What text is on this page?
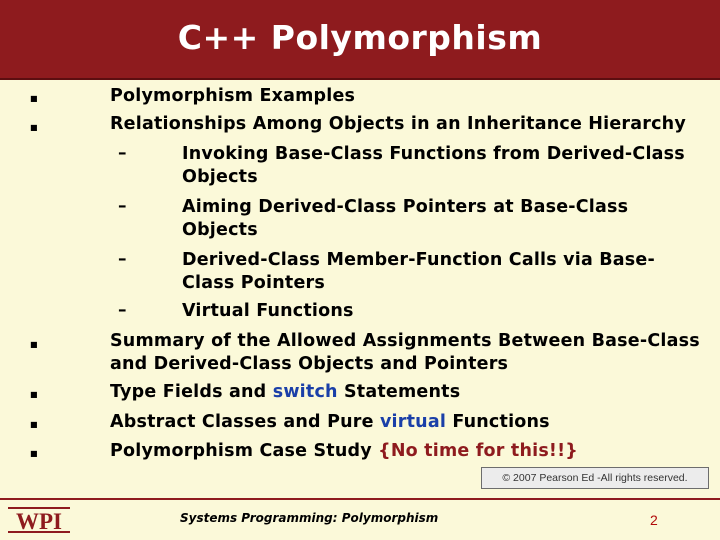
C++ Polymorphism
■
■
■
■
■
■
Polymorphism Examples
Relationships Among Objects in an Inheritance Hierarchy
–	Invoking Base-Class Functions from Derived-Class
Objects
–	Aiming Derived-Class Pointers at Base-Class
Objects
–	Derived-Class Member-Function Calls via Base-
Class Pointers
–	Virtual Functions
Summary of the Allowed Assignments Between Base-Class
and Derived-Class Objects and Pointers
Type Fields and switch Statements
Abstract Classes and Pure virtual Functions
Polymorphism Case Study {No time for this!!}
© 2007 Pearson Ed -All rights reserved.
WPI	Systems Programming: Polymorphism	2
